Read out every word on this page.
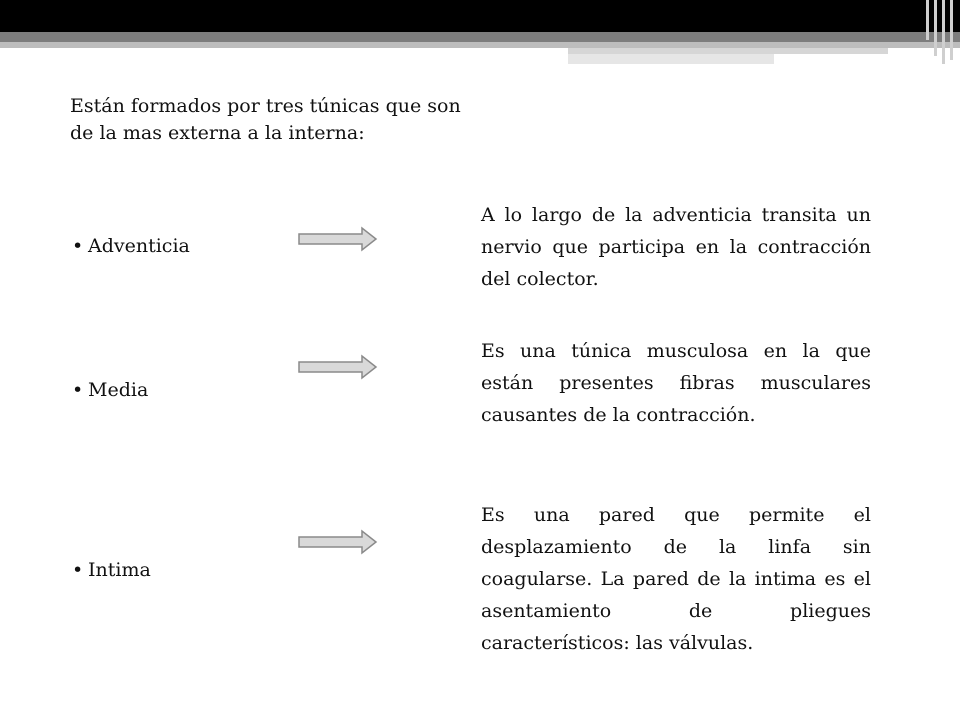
Están formados por tres túnicas que son de la mas externa a la interna:

• Adventicia

A lo largo de la adventicia transita un nervio que participa en la contracción del colector.

• Media

Es una túnica musculosa en la que están presentes fibras musculares causantes de la contracción.

• Intima

Es una pared que permite el desplazamiento de la linfa sin coagularse. La pared de la intima es el asentamiento de pliegues característicos: las válvulas.
